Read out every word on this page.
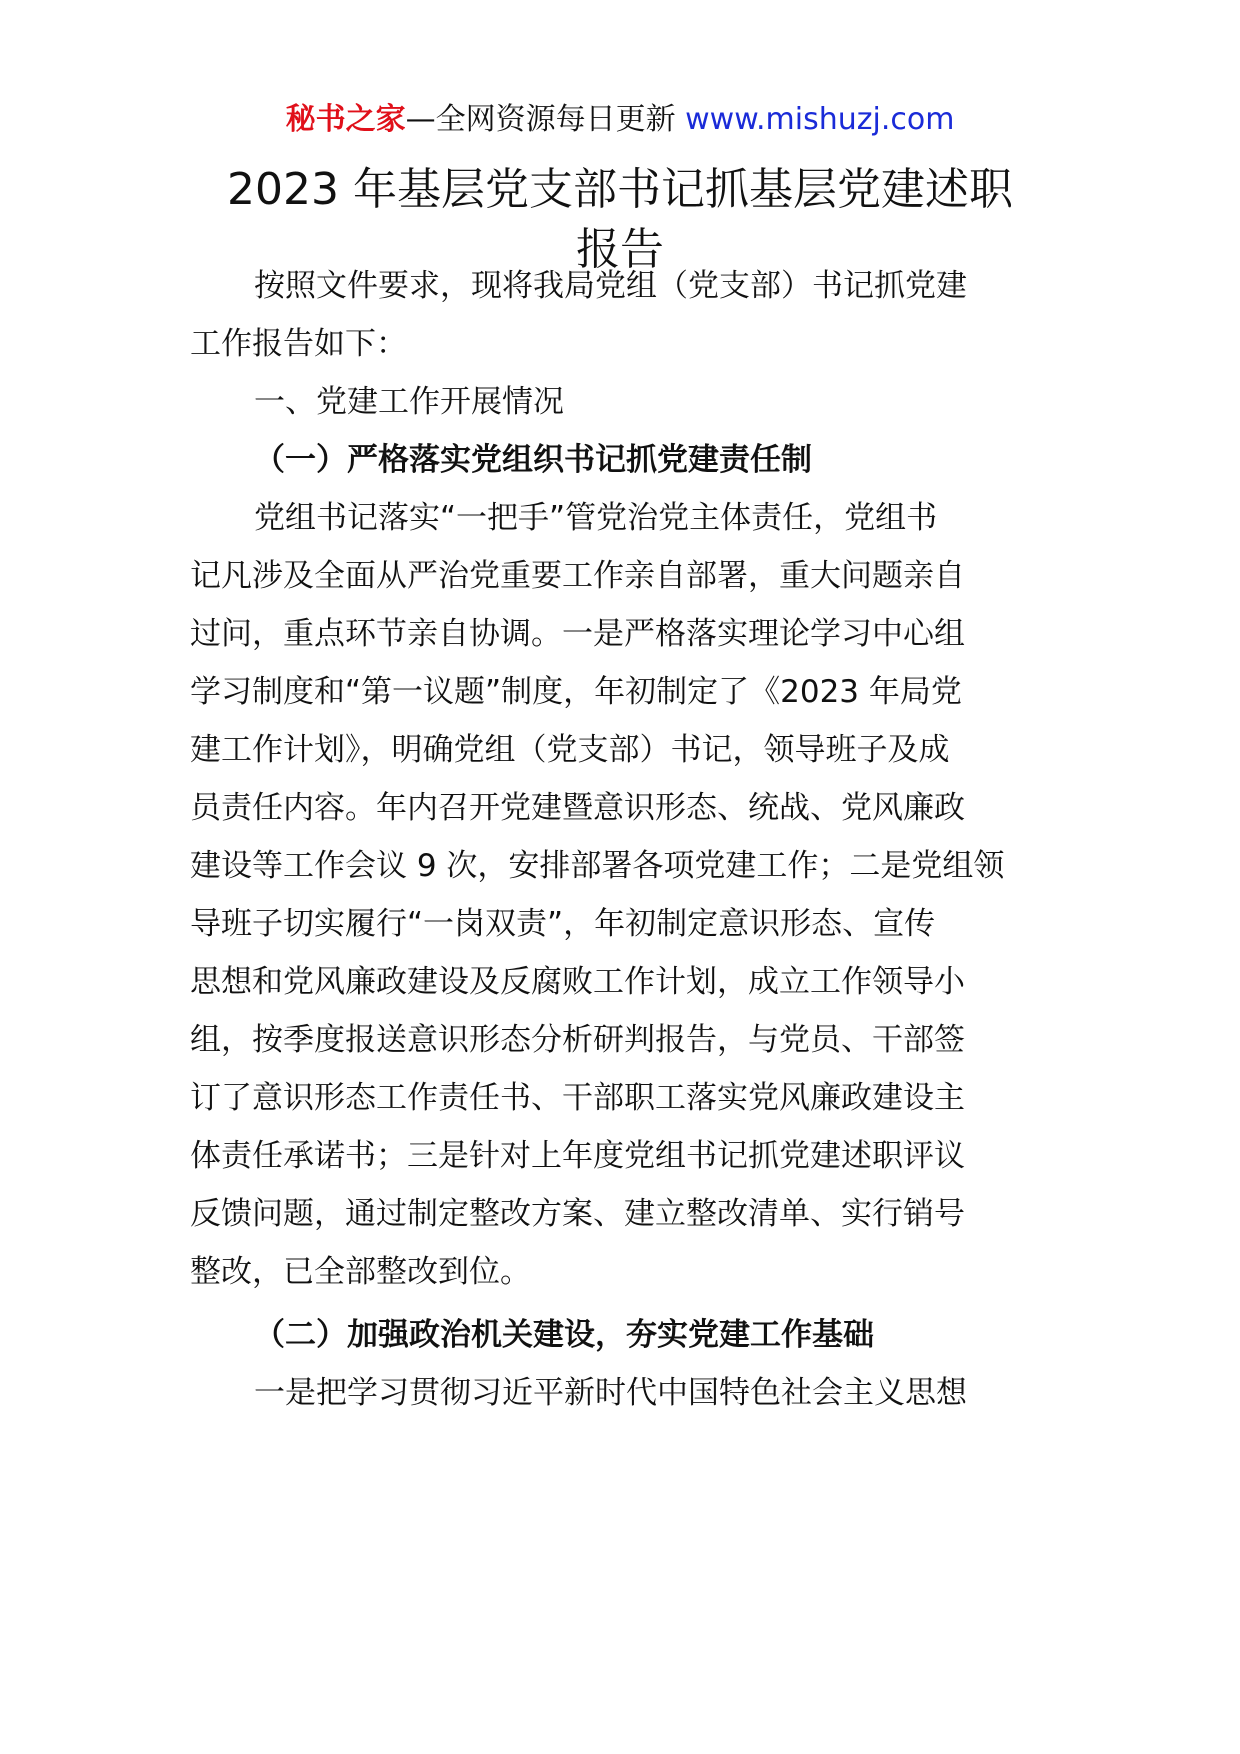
秘书之家—全网资源每日更新 www.mishuzj.com
2023 年基层党支部书记抓基层党建述职
报告
按照文件要求，现将我局党组（党支部）书记抓党建
工作报告如下：
一、党建工作开展情况
（一）严格落实党组织书记抓党建责任制
党组书记落实“一把手”管党治党主体责任，党组书
记凡涉及全面从严治党重要工作亲自部署，重大问题亲自
过问，重点环节亲自协调。一是严格落实理论学习中心组
学习制度和“第一议题”制度，年初制定了《2023 年局党
建工作计划》，明确党组（党支部）书记，领导班子及成
员责任内容。年内召开党建暨意识形态、统战、党风廉政
建设等工作会议 9 次，安排部署各项党建工作；二是党组领
导班子切实履行“一岗双责”，年初制定意识形态、宣传
思想和党风廉政建设及反腐败工作计划，成立工作领导小
组，按季度报送意识形态分析研判报告，与党员、干部签
订了意识形态工作责任书、干部职工落实党风廉政建设主
体责任承诺书；三是针对上年度党组书记抓党建述职评议
反馈问题，通过制定整改方案、建立整改清单、实行销号
整改，已全部整改到位。
（二）加强政治机关建设，夯实党建工作基础
一是把学习贯彻习近平新时代中国特色社会主义思想
